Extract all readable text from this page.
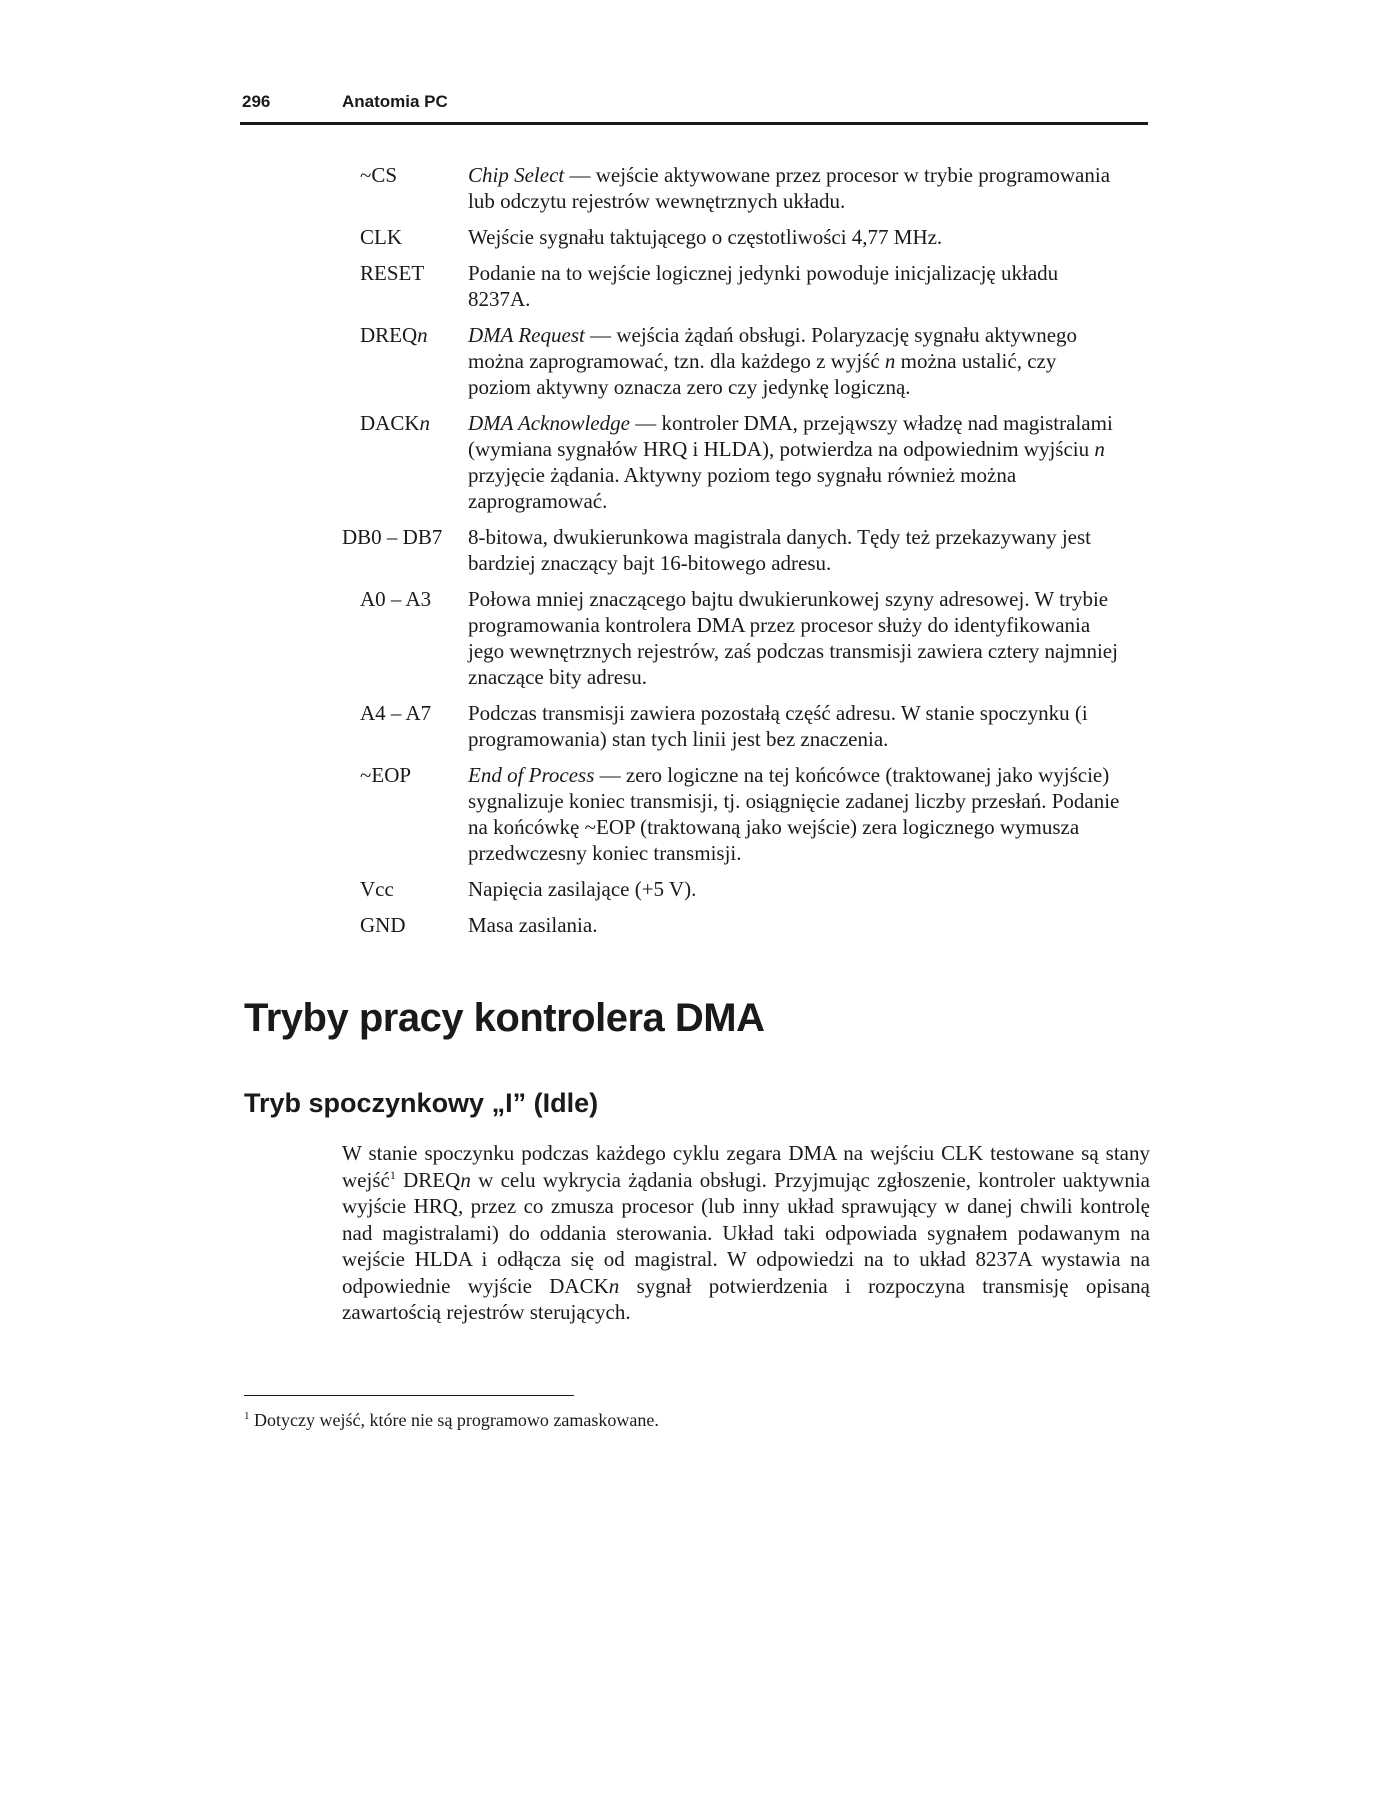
296	Anatomia PC
~CS	Chip Select — wejście aktywowane przez procesor w trybie programowania lub odczytu rejestrów wewnętrznych układu.
CLK	Wejście sygnału taktującego o częstotliwości 4,77 MHz.
RESET	Podanie na to wejście logicznej jedynki powoduje inicjalizację układu 8237A.
DREQn	DMA Request — wejścia żądań obsługi. Polaryzację sygnału aktywnego można zaprogramować, tzn. dla każdego z wyjść n można ustalić, czy poziom aktywny oznacza zero czy jedynkę logiczną.
DACKn	DMA Acknowledge — kontroler DMA, przejąwszy władzę nad magistralami (wymiana sygnałów HRQ i HLDA), potwierdza na odpowiednim wyjściu n przyjęcie żądania. Aktywny poziom tego sygnału również można zaprogramować.
DB0 – DB7	8-bitowa, dwukierunkowa magistrala danych. Tędy też przekazywany jest bardziej znaczący bajt 16-bitowego adresu.
A0 – A3	Połowa mniej znaczącego bajtu dwukierunkowej szyny adresowej. W trybie programowania kontrolera DMA przez procesor służy do identyfikowania jego wewnętrznych rejestrów, zaś podczas transmisji zawiera cztery najmniej znaczące bity adresu.
A4 – A7	Podczas transmisji zawiera pozostałą część adresu. W stanie spoczynku (i programowania) stan tych linii jest bez znaczenia.
~EOP	End of Process — zero logiczne na tej końcówce (traktowanej jako wyjście) sygnalizuje koniec transmisji, tj. osiągnięcie zadanej liczby przesłań. Podanie na końcówkę ~EOP (traktowaną jako wejście) zera logicznego wymusza przedwczesny koniec transmisji.
Vcc	Napięcia zasilające (+5 V).
GND	Masa zasilania.
Tryby pracy kontrolera DMA
Tryb spoczynkowy „I” (Idle)

W stanie spoczynku podczas każdego cyklu zegara DMA na wejściu CLK testowane są stany wejść$^1$ DREQn w celu wykrycia żądania obsługi. Przyjmując zgłoszenie, kontroler uaktywnia wyjście HRQ, przez co zmusza procesor (lub inny układ sprawujący w danej chwili kontrolę nad magistralami) do oddania sterowania. Układ taki odpowiada sygnałem podawanym na wejście HLDA i odłącza się od magistral. W odpowiedzi na to układ 8237A wystawia na odpowiednie wyjście DACKn sygnał potwierdzenia i rozpoczyna transmisję opisaną zawartością rejestrów sterujących.

$^1$ Dotyczy wejść, które nie są programowo zamaskowane.
